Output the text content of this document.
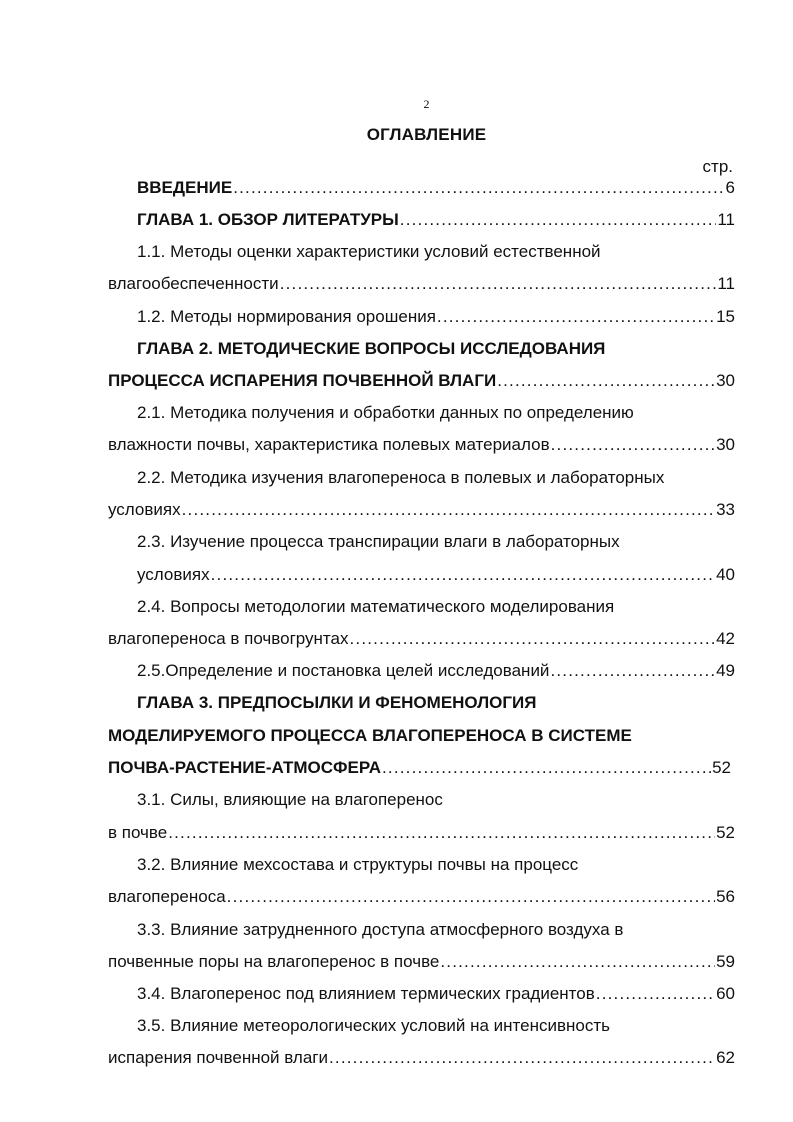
2
ОГЛАВЛЕНИЕ
стр.
ВВЕДЕНИЕ .....	6
ГЛАВА 1. ОБЗОР ЛИТЕРАТУРЫ .....	11
1.1. Методы оценки характеристики условий естественной
влагообеспеченности .....	11
1.2. Методы нормирования орошения .....	15
ГЛАВА 2. МЕТОДИЧЕСКИЕ ВОПРОСЫ ИССЛЕДОВАНИЯ
ПРОЦЕССА ИСПАРЕНИЯ ПОЧВЕННОЙ ВЛАГИ .....	30
2.1. Методика получения и обработки данных по определению
влажности почвы, характеристика полевых материалов .....	30
2.2. Методика изучения влагопереноса в полевых и лабораторных
условиях .....	33
2.3. Изучение процесса транспирации влаги в лабораторных
условиях .....	40
2.4. Вопросы методологии математического моделирования
влагопереноса в почвогрунтах .....	42
2.5.Определение и постановка целей исследований .....	49
ГЛАВА 3. ПРЕДПОСЫЛКИ И ФЕНОМЕНОЛОГИЯ
МОДЕЛИРУЕМОГО ПРОЦЕССА ВЛАГОПЕРЕНОСА В СИСТЕМЕ
ПОЧВА-РАСТЕНИЕ-АТМОСФЕРА .....	52
3.1. Силы, влияющие на влагоперенос
в почве .....	52
3.2. Влияние мехсостава и структуры почвы на процесс
влагопереноса .....	56
3.3. Влияние затрудненного доступа атмосферного воздуха в
почвенные поры на влагоперенос в почве .....	59
3.4. Влагоперенос под влиянием термических градиентов .....	60
3.5. Влияние метеорологических условий на интенсивность
испарения почвенной влаги .....	62
